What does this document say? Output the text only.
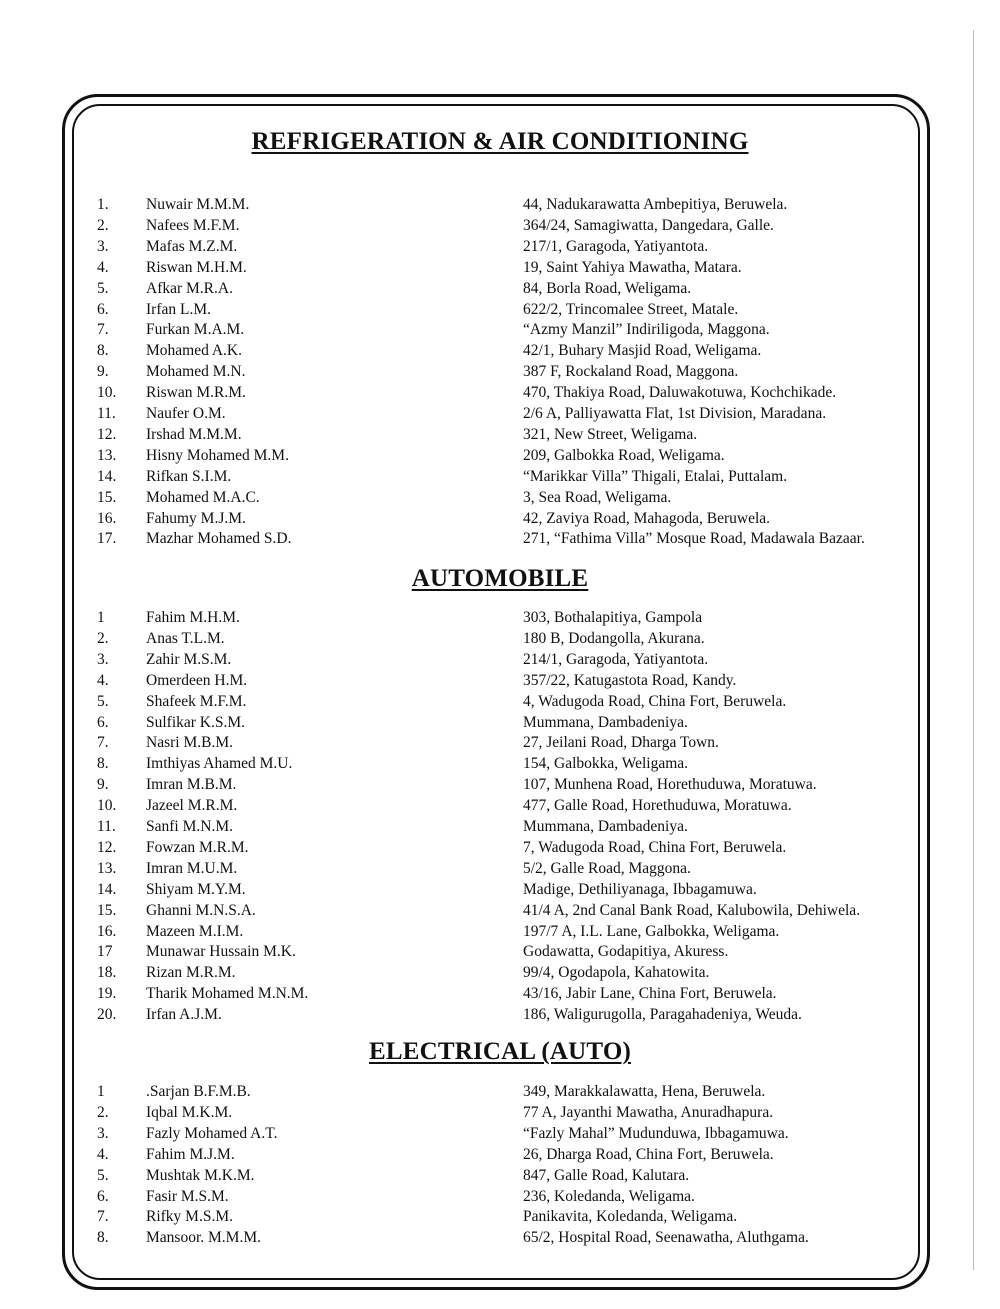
REFRIGERATION & AIR CONDITIONING
1. Nuwair M.M.M.	44, Nadukarawatta Ambepitiya, Beruwela.
2. Nafees M.F.M.	364/24, Samagiwatta, Dangedara, Galle.
3. Mafas M.Z.M.	217/1, Garagoda, Yatiyantota.
4. Riswan M.H.M.	19, Saint Yahiya Mawatha, Matara.
5. Afkar M.R.A.	84, Borla Road, Weligama.
6. Irfan L.M.	622/2, Trincomalee Street, Matale.
7. Furkan M.A.M.	“Azmy Manzil” Indiriligoda, Maggona.
8. Mohamed A.K.	42/1, Buhary Masjid Road, Weligama.
9. Mohamed M.N.	387 F, Rockaland Road, Maggona.
10. Riswan M.R.M.	470, Thakiya Road, Daluwakotuwa, Kochchikade.
11. Naufer O.M.	2/6 A, Palliyawatta Flat, 1st Division, Maradana.
12. Irshad M.M.M.	321, New Street, Weligama.
13. Hisny Mohamed M.M.	209, Galbokka Road, Weligama.
14. Rifkan S.I.M.	“Marikkar Villa” Thigali, Etalai, Puttalam.
15. Mohamed M.A.C.	3, Sea Road, Weligama.
16. Fahumy M.J.M.	42, Zaviya Road, Mahagoda, Beruwela.
17. Mazhar Mohamed S.D.	271, “Fathima Villa” Mosque Road, Madawala Bazaar.
AUTOMOBILE
1	Fahim M.H.M.	303, Bothalapitiya, Gampola
2. Anas T.L.M.	180 B, Dodangolla, Akurana.
3. Zahir M.S.M.	214/1, Garagoda, Yatiyantota.
4. Omerdeen H.M.	357/22, Katugastota Road, Kandy.
5. Shafeek M.F.M.	4, Wadugoda Road, China Fort, Beruwela.
6. Sulfikar K.S.M.	Mummana, Dambadeniya.
7. Nasri M.B.M.	27, Jeilani Road, Dharga Town.
8. Imthiyas Ahamed M.U.	154, Galbokka, Weligama.
9. Imran M.B.M.	107, Munhena Road, Horethuduwa, Moratuwa.
10. Jazeel M.R.M.	477, Galle Road, Horethuduwa, Moratuwa.
11. Sanfi M.N.M.	Mummana, Dambadeniya.
12. Fowzan M.R.M.	7, Wadugoda Road, China Fort, Beruwela.
13. Imran M.U.M.	5/2, Galle Road, Maggona.
14. Shiyam M.Y.M.	Madige, Dethiliyanaga, Ibbagamuwa.
15. Ghanni M.N.S.A.	41/4 A, 2nd Canal Bank Road, Kalubowila, Dehiwela.
16. Mazeen M.I.M.	197/7 A, I.L. Lane, Galbokka, Weligama.
17 Munawar Hussain M.K.	Godawatta, Godapitiya, Akuress.
18. Rizan M.R.M.	99/4, Ogodapola, Kahatowita.
19. Tharik Mohamed M.N.M.	43/16, Jabir Lane, China Fort, Beruwela.
20. Irfan A.J.M.	186, Waligurugolla, Paragahadeniya, Weuda.
ELECTRICAL (AUTO)
1	.Sarjan B.F.M.B.	349, Marakkalawatta, Hena, Beruwela.
2. Iqbal M.K.M.	77 A, Jayanthi Mawatha, Anuradhapura.
3. Fazly Mohamed A.T.	“Fazly Mahal” Mudunduwa, Ibbagamuwa.
4. Fahim M.J.M.	26, Dharga Road, China Fort, Beruwela.
5. Mushtak M.K.M.	847, Galle Road, Kalutara.
6. Fasir M.S.M.	236, Koledanda, Weligama.
7. Rifky M.S.M.	Panikavita, Koledanda, Weligama.
8. Mansoor. M.M.M.	65/2, Hospital Road, Seenawatha, Aluthgama.
